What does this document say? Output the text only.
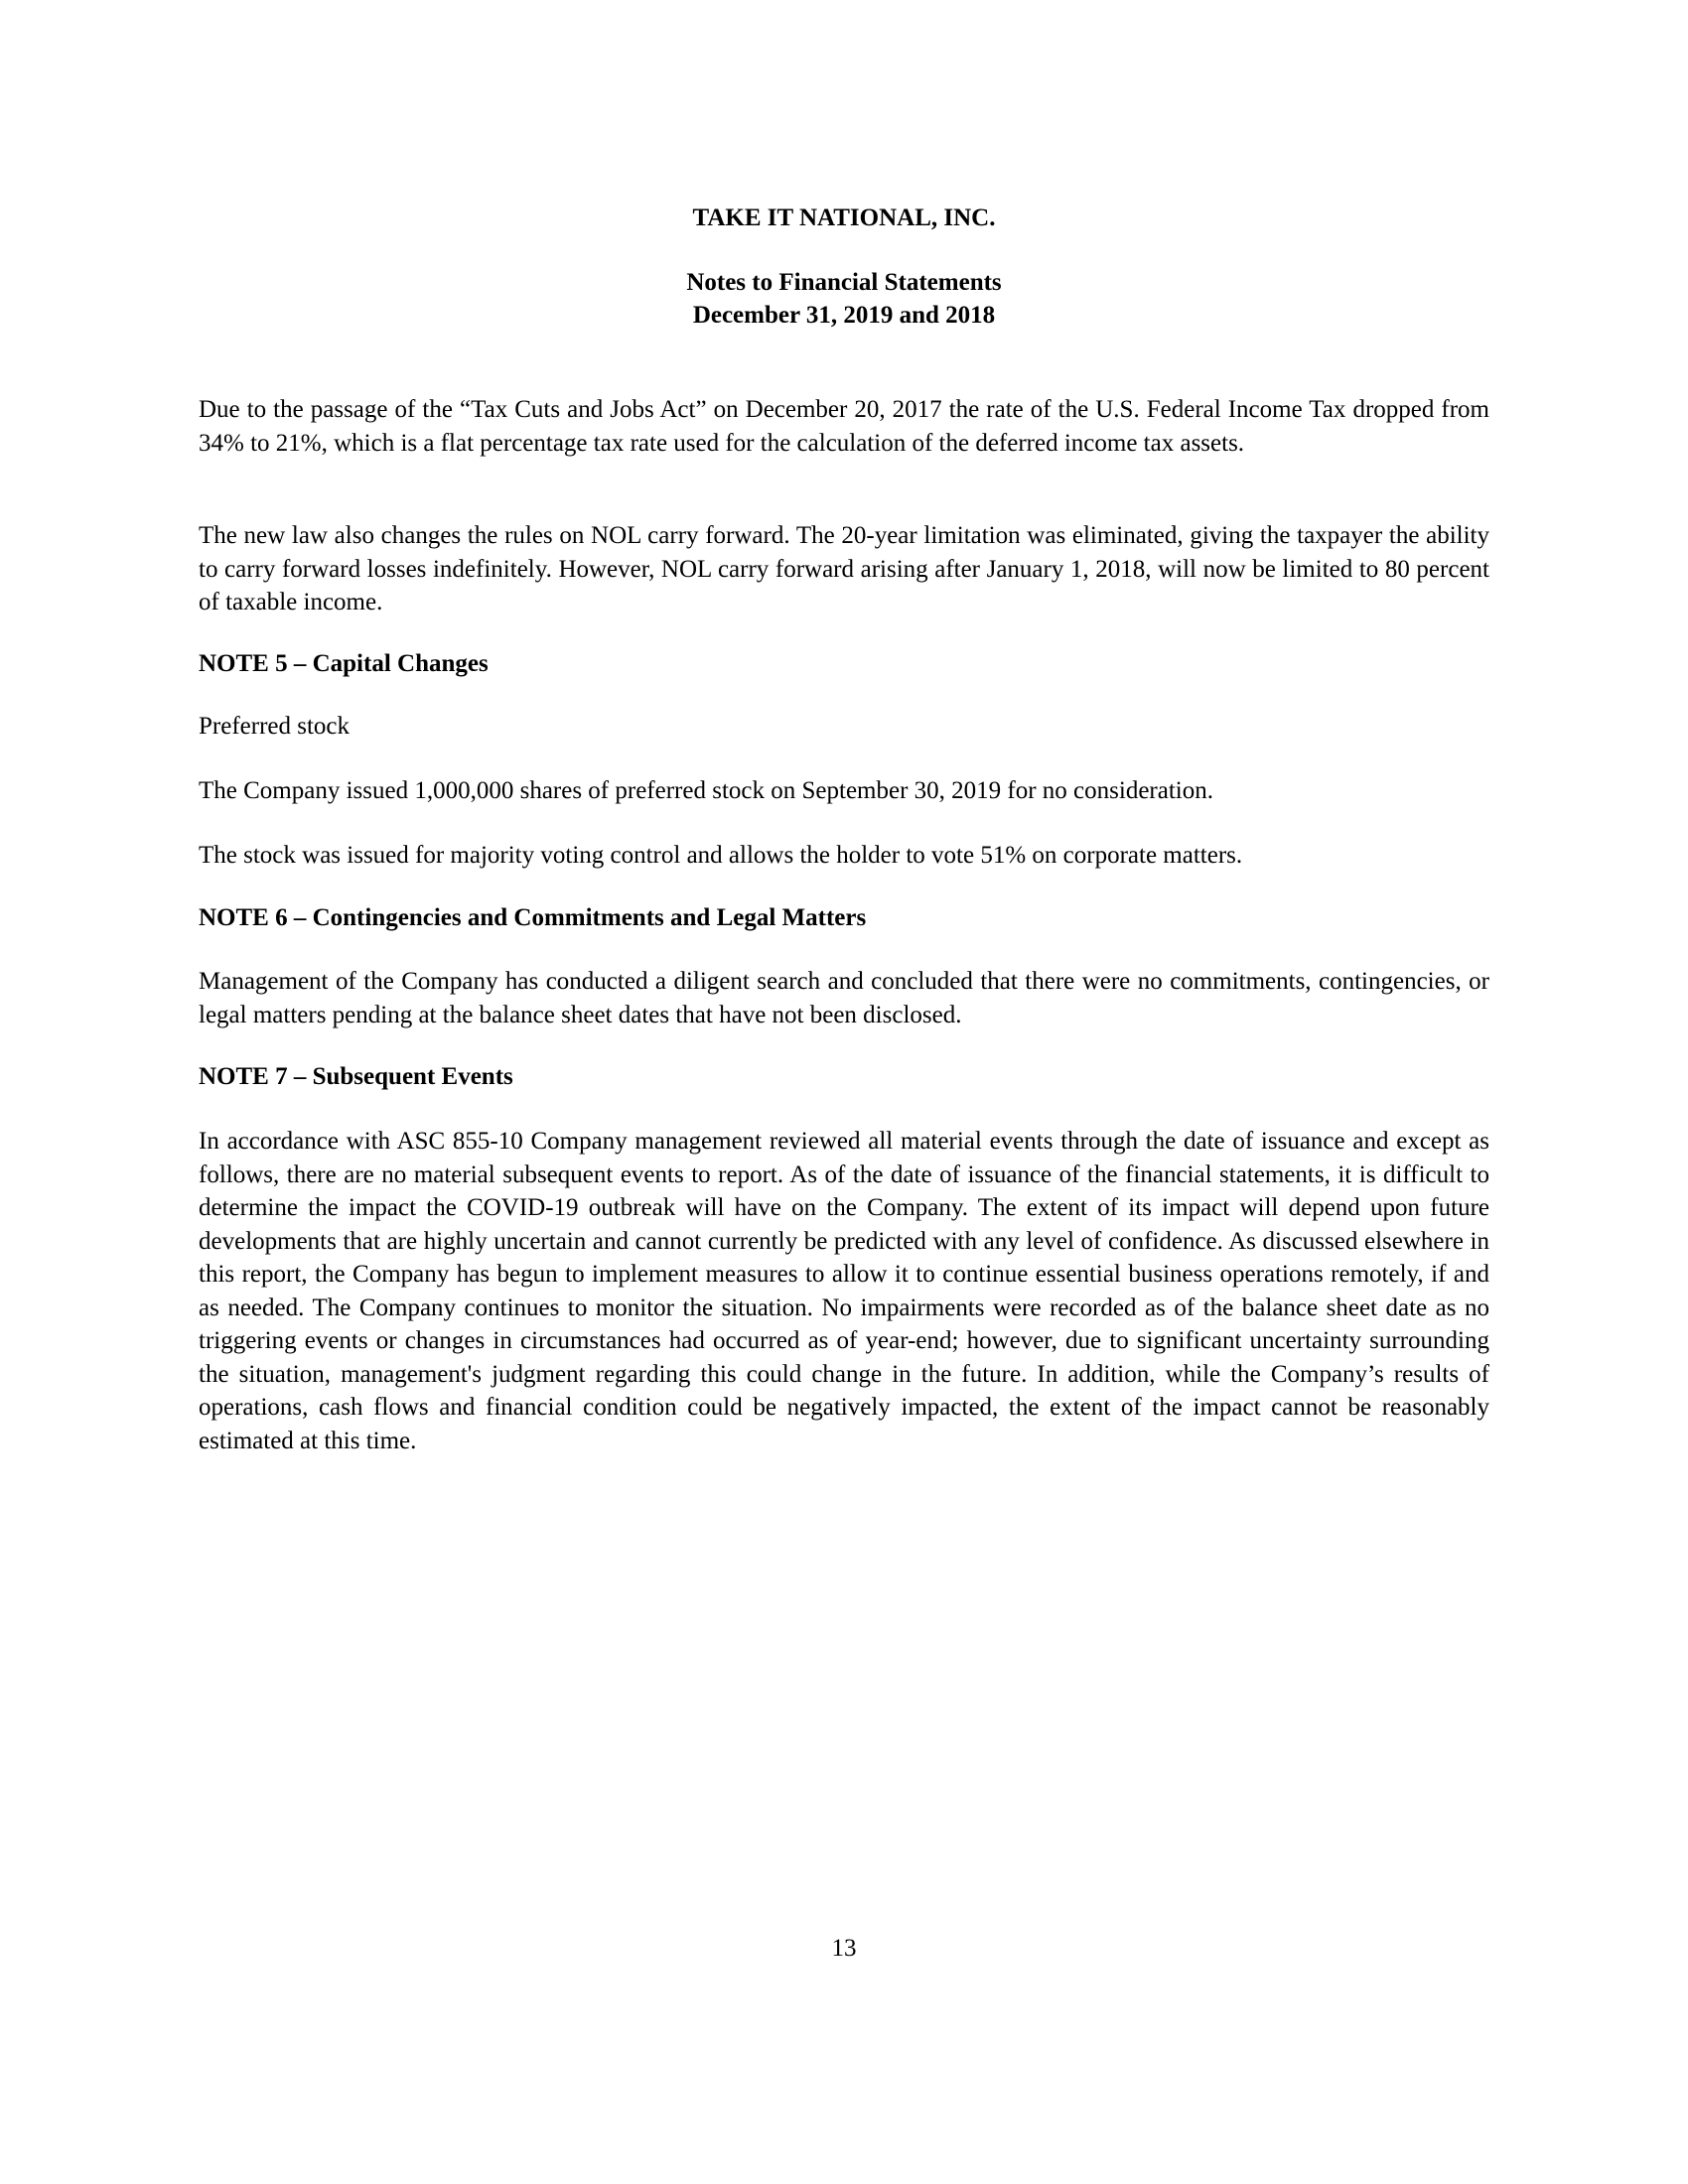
TAKE IT NATIONAL, INC.
Notes to Financial Statements
December 31, 2019 and 2018

Due to the passage of the “Tax Cuts and Jobs Act” on December 20, 2017 the rate of the U.S. Federal Income Tax dropped from 34% to 21%, which is a flat percentage tax rate used for the calculation of the deferred income tax assets.

The new law also changes the rules on NOL carry forward. The 20-year limitation was eliminated, giving the taxpayer the ability to carry forward losses indefinitely. However, NOL carry forward arising after January 1, 2018, will now be limited to 80 percent of taxable income.

NOTE 5 – Capital Changes

Preferred stock

The Company issued 1,000,000 shares of preferred stock on September 30, 2019 for no consideration.

The stock was issued for majority voting control and allows the holder to vote 51% on corporate matters.

NOTE 6 – Contingencies and Commitments and Legal Matters

Management of the Company has conducted a diligent search and concluded that there were no commitments, contingencies, or legal matters pending at the balance sheet dates that have not been disclosed.

NOTE 7 – Subsequent Events

In accordance with ASC 855-10 Company management reviewed all material events through the date of issuance and except as follows, there are no material subsequent events to report. As of the date of issuance of the financial statements, it is difficult to determine the impact the COVID-19 outbreak will have on the Company. The extent of its impact will depend upon future developments that are highly uncertain and cannot currently be predicted with any level of confidence. As discussed elsewhere in this report, the Company has begun to implement measures to allow it to continue essential business operations remotely, if and as needed. The Company continues to monitor the situation. No impairments were recorded as of the balance sheet date as no triggering events or changes in circumstances had occurred as of year-end; however, due to significant uncertainty surrounding the situation, management's judgment regarding this could change in the future. In addition, while the Company’s results of operations, cash flows and financial condition could be negatively impacted, the extent of the impact cannot be reasonably estimated at this time.

13
